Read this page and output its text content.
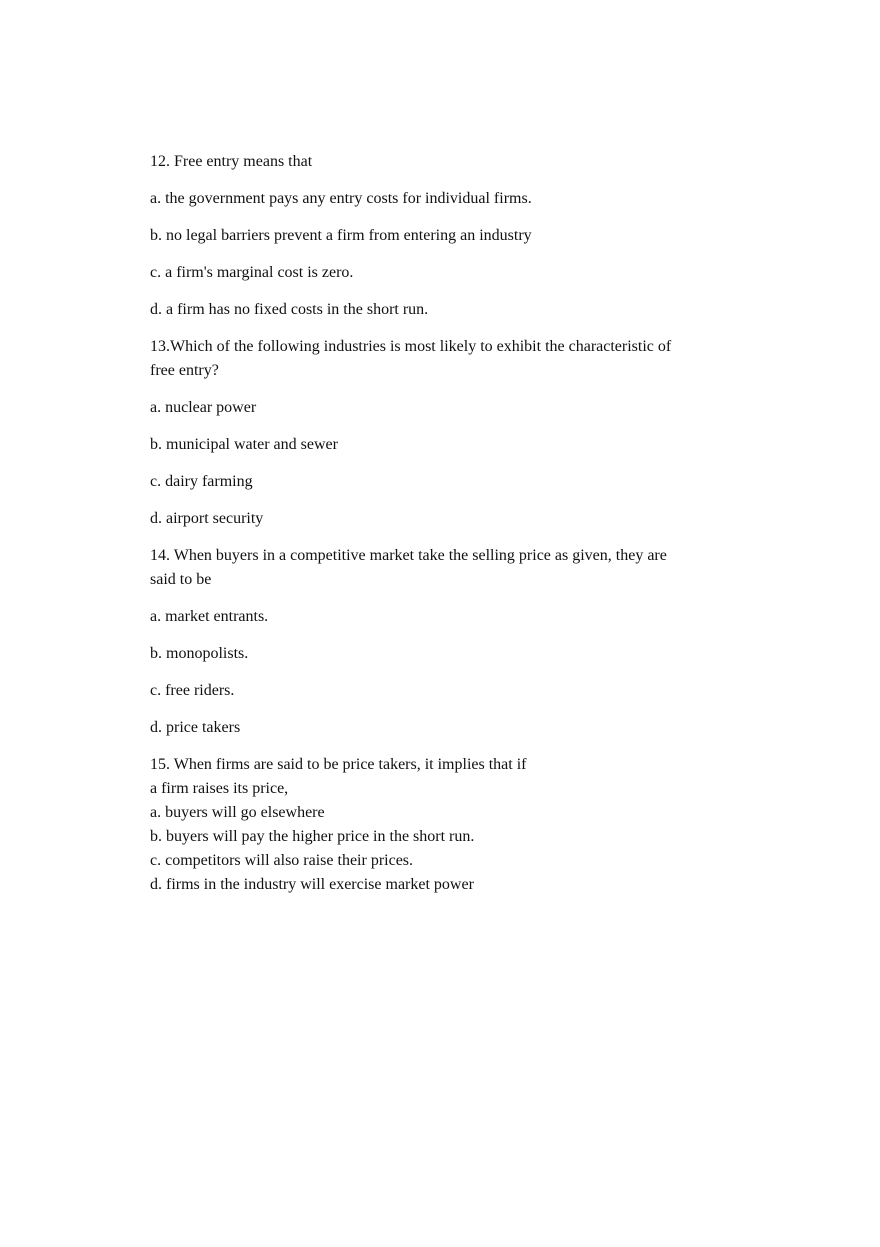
12. Free entry means that

a. the government pays any entry costs for individual firms.

b. no legal barriers prevent a firm from entering an industry

c. a firm's marginal cost is zero.

d. a firm has no fixed costs in the short run.

13.Which of the following industries is most likely to exhibit the characteristic of

free entry?

a. nuclear power

b. municipal water and sewer

c. dairy farming

d. airport security

14. When buyers in a competitive market take the selling price as given, they are

said to be

a. market entrants.

b. monopolists.

c. free riders.

d. price takers

15. When firms are said to be price takers, it implies that if

a firm raises its price,

a. buyers will go elsewhere

b. buyers will pay the higher price in the short run.

c. competitors will also raise their prices.

d. firms in the industry will exercise market power
